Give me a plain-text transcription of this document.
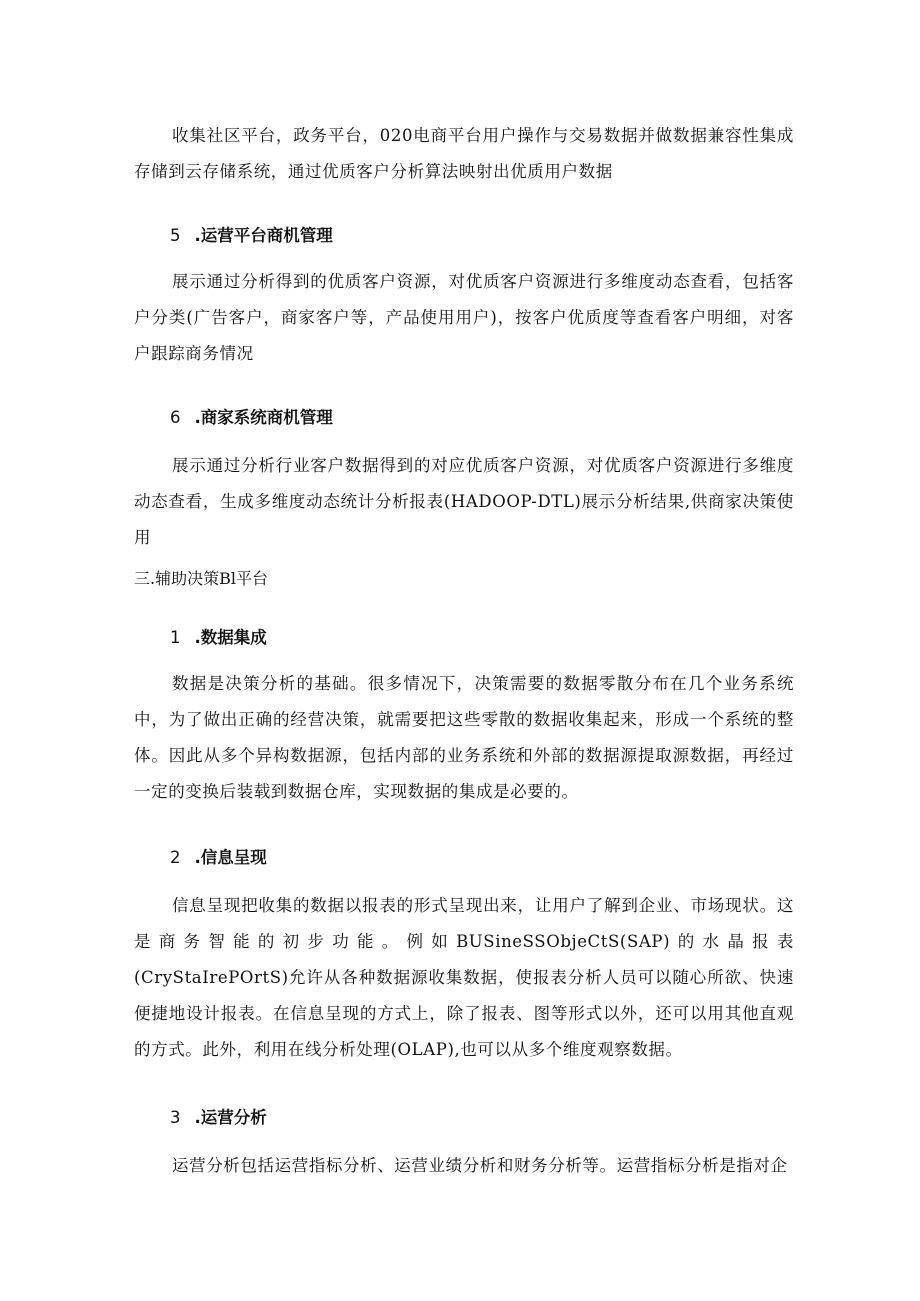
收集社区平台，政务平台，020电商平台用户操作与交易数据并做数据兼容性集成存储到云存储系统，通过优质客户分析算法映射出优质用户数据

5 .运营平台商机管理

展示通过分析得到的优质客户资源，对优质客户资源进行多维度动态查看，包括客户分类(广告客户，商家客户等，产品使用用户)，按客户优质度等查看客户明细，对客户跟踪商务情况

6 .商家系统商机管理

展示通过分析行业客户数据得到的对应优质客户资源，对优质客户资源进行多维度动态查看，生成多维度动态统计分析报表(HADOOP-DTL)展示分析结果,供商家决策使用

三.辅助决策Bl平台

1 .数据集成

数据是决策分析的基础。很多情况下，决策需要的数据零散分布在几个业务系统中，为了做出正确的经营决策，就需要把这些零散的数据收集起来，形成一个系统的整体。因此从多个异构数据源，包括内部的业务系统和外部的数据源提取源数据，再经过一定的变换后装载到数据仓库，实现数据的集成是必要的。

2 .信息呈现

信息呈现把收集的数据以报表的形式呈现出来，让用户了解到企业、市场现状。这是商务智能的初步功能。例如BUSineSSObjeCtS(SAP)的水晶报表(CryStaIrePOrtS)允许从各种数据源收集数据，使报表分析人员可以随心所欲、快速便捷地设计报表。在信息呈现的方式上，除了报表、图等形式以外，还可以用其他直观的方式。此外，利用在线分析处理(OLAP),也可以从多个维度观察数据。

3 .运营分析

运营分析包括运营指标分析、运营业绩分析和财务分析等。运营指标分析是指对企
